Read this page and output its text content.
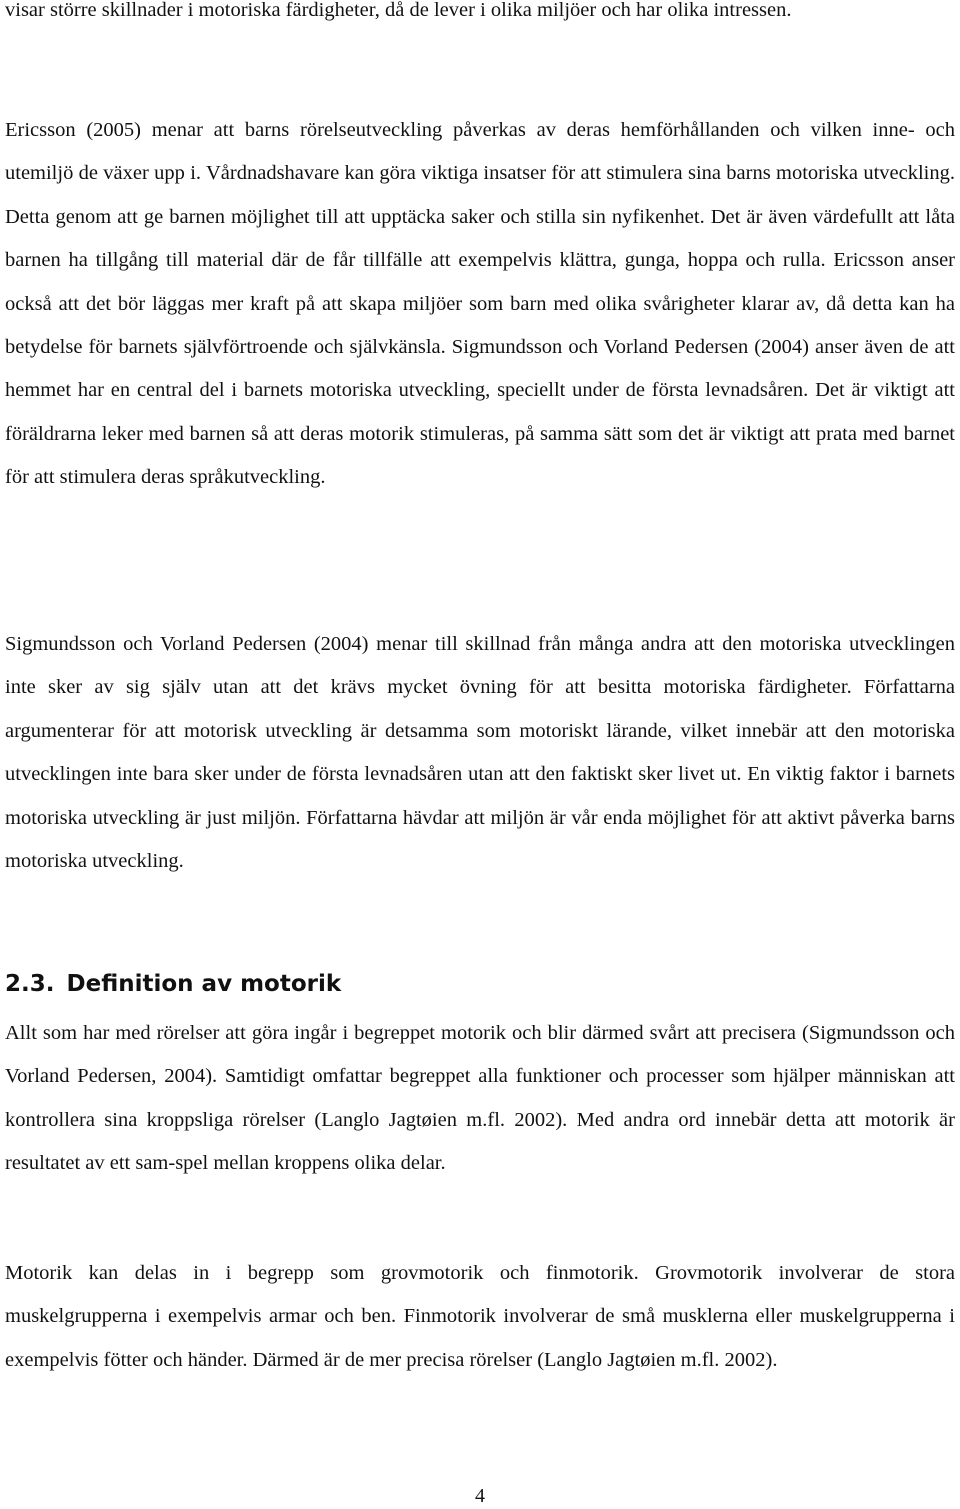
visar större skillnader i motoriska färdigheter, då de lever i olika miljöer och har olika intressen.

Ericsson (2005) menar att barns rörelseutveckling påverkas av deras hemförhållanden och vilken inne- och utemiljö de växer upp i. Vårdnadshavare kan göra viktiga insatser för att stimulera sina barns motoriska utveckling. Detta genom att ge barnen möjlighet till att upptäcka saker och stilla sin nyfikenhet. Det är även värdefullt att låta barnen ha tillgång till material där de får tillfälle att exempelvis klättra, gunga, hoppa och rulla. Ericsson anser också att det bör läggas mer kraft på att skapa miljöer som barn med olika svårigheter klarar av, då detta kan ha betydelse för barnets självförtroende och självkänsla. Sigmundsson och Vorland Pedersen (2004) anser även de att hemmet har en central del i barnets motoriska utveckling, speciellt under de första levnadsåren. Det är viktigt att föräldrarna leker med barnen så att deras motorik stimuleras, på samma sätt som det är viktigt att prata med barnet för att stimulera deras språkutveckling.

Sigmundsson och Vorland Pedersen (2004) menar till skillnad från många andra att den motoriska utvecklingen inte sker av sig själv utan att det krävs mycket övning för att besitta motoriska färdigheter. Författarna argumenterar för att motorisk utveckling är detsamma som motoriskt lärande, vilket innebär att den motoriska utvecklingen inte bara sker under de första levnadsåren utan att den faktiskt sker livet ut. En viktig faktor i barnets motoriska utveckling är just miljön. Författarna hävdar att miljön är vår enda möjlighet för att aktivt påverka barns motoriska utveckling.

2.3. Definition av motorik

Allt som har med rörelser att göra ingår i begreppet motorik och blir därmed svårt att precisera (Sigmundsson och Vorland Pedersen, 2004). Samtidigt omfattar begreppet alla funktioner och processer som hjälper människan att kontrollera sina kroppsliga rörelser (Langlo Jagtøien m.fl. 2002). Med andra ord innebär detta att motorik är resultatet av ett sam-spel mellan kroppens olika delar.

Motorik kan delas in i begrepp som grovmotorik och finmotorik. Grovmotorik involverar de stora muskelgrupperna i exempelvis armar och ben. Finmotorik involverar de små musklerna eller muskelgrupperna i exempelvis fötter och händer. Därmed är de mer precisa rörelser (Langlo Jagtøien m.fl. 2002).

4
